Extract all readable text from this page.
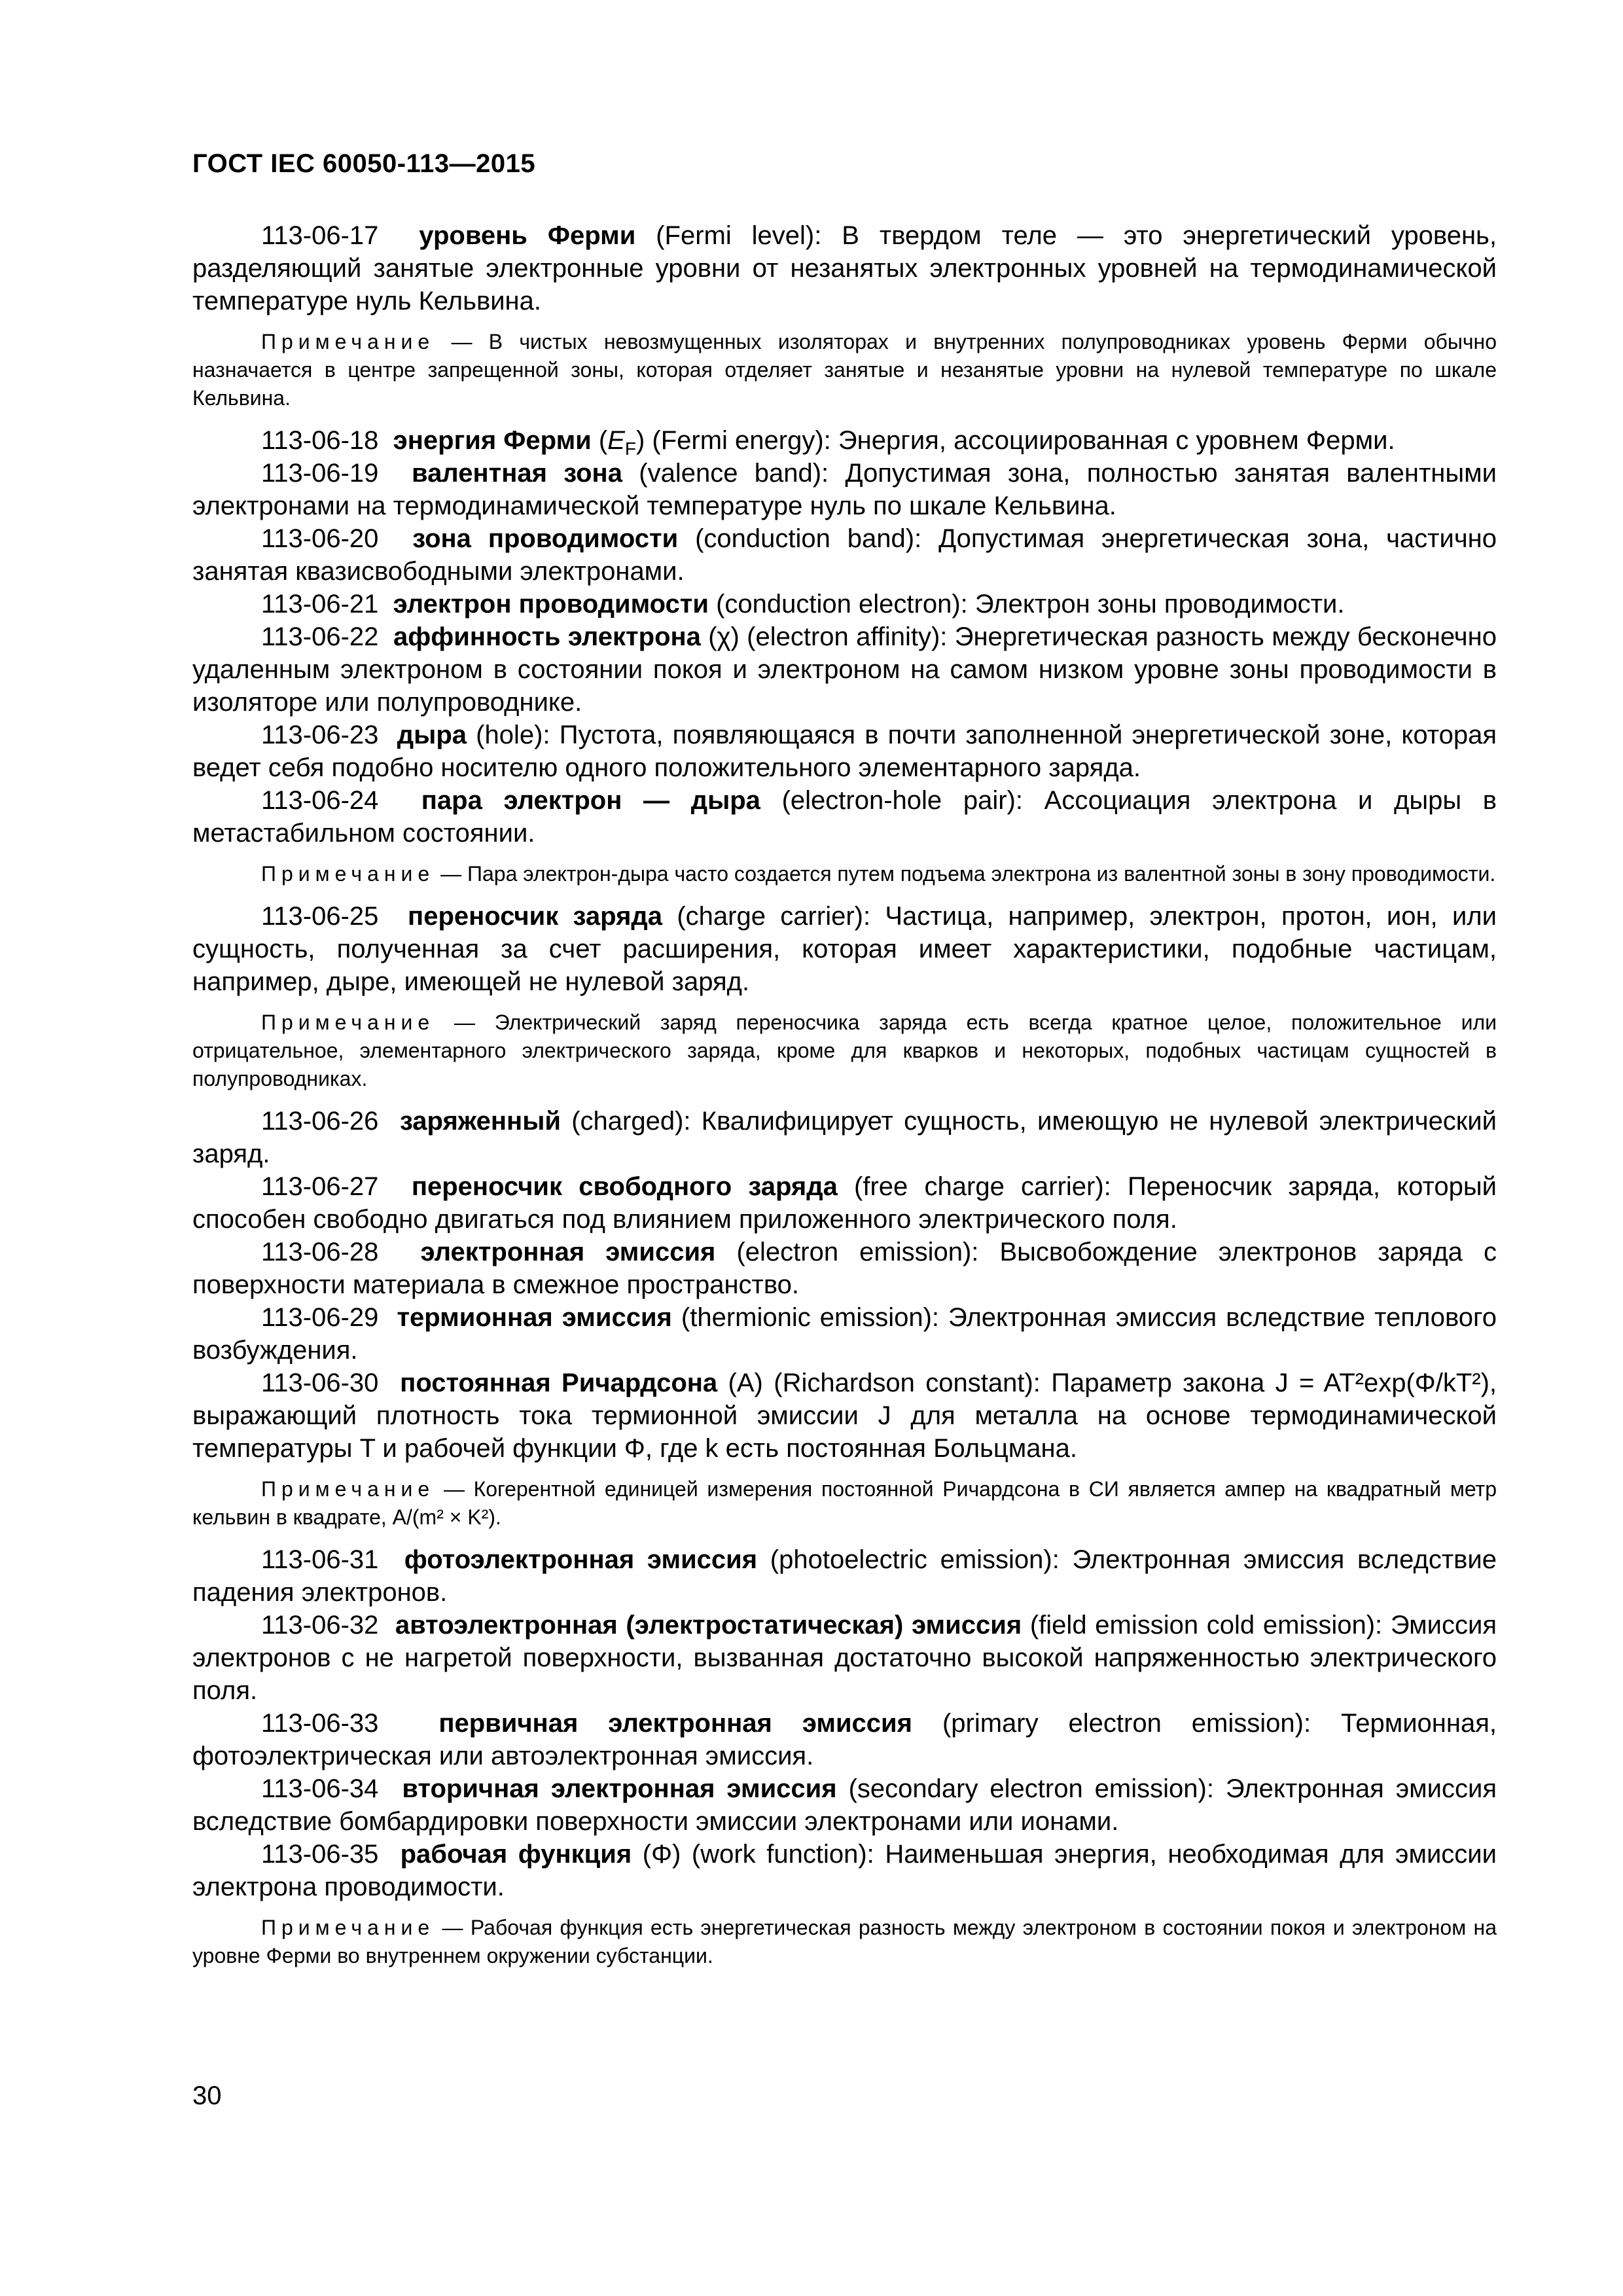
ГОСТ IEC 60050-113—2015

113-06-17 уровень Ферми (Fermi level): В твердом теле — это энергетический уровень, разделяющий занятые электронные уровни от незанятых электронных уровней на термодинамической температуре нуль Кельвина.

Примечание — В чистых невозмущенных изоляторах и внутренних полупроводниках уровень Ферми обычно назначается в центре запрещенной зоны, которая отделяет занятые и незанятые уровни на нулевой температуре по шкале Кельвина.

113-06-18 энергия Ферми $(E_F)$ (Fermi energy): Энергия, ассоциированная с уровнем Ферми.

113-06-19 валентная зона (valence band): Допустимая зона, полностью занятая валентными электронами на термодинамической температуре нуль по шкале Кельвина.

113-06-20 зона проводимости (conduction band): Допустимая энергетическая зона, частично занятая квазисвободными электронами.

113-06-21 электрон проводимости (conduction electron): Электрон зоны проводимости.

113-06-22 аффинность электрона (χ) (electron affinity): Энергетическая разность между бесконечно удаленным электроном в состоянии покоя и электроном на самом низком уровне зоны проводимости в изоляторе или полупроводнике.

113-06-23 дыра (hole): Пустота, появляющаяся в почти заполненной энергетической зоне, которая ведет себя подобно носителю одного положительного элементарного заряда.

113-06-24 пара электрон — дыра (electron-hole pair): Ассоциация электрона и дыры в метастабильном состоянии.

Примечание — Пара электрон-дыра часто создается путем подъема электрона из валентной зоны в зону проводимости.

113-06-25 переносчик заряда (charge carrier): Частица, например, электрон, протон, ион, или сущность, полученная за счет расширения, которая имеет характеристики, подобные частицам, например, дыре, имеющей не нулевой заряд.

Примечание — Электрический заряд переносчика заряда есть всегда кратное целое, положительное или отрицательное, элементарного электрического заряда, кроме для кварков и некоторых, подобных частицам сущностей в полупроводниках.

113-06-26 заряженный (charged): Квалифицирует сущность, имеющую не нулевой электрический заряд.

113-06-27 переносчик свободного заряда (free charge carrier): Переносчик заряда, который способен свободно двигаться под влиянием приложенного электрического поля.

113-06-28 электронная эмиссия (electron emission): Высвобождение электронов заряда с поверхности материала в смежное пространство.

113-06-29 термионная эмиссия (thermionic emission): Электронная эмиссия вследствие теплового возбуждения.

113-06-30 постоянная Ричардсона (A) (Richardson constant): Параметр закона J = AT²exp(Φ/kT²), выражающий плотность тока термионной эмиссии J для металла на основе термодинамической температуры T и рабочей функции Φ, где k есть постоянная Больцмана.

Примечание — Когерентной единицей измерения постоянной Ричардсона в СИ является ампер на квадратный метр кельвин в квадрате, A/(m² × K²).

113-06-31 фотоэлектронная эмиссия (photoelectric emission): Электронная эмиссия вследствие падения электронов.

113-06-32 автоэлектронная (электростатическая) эмиссия (field emission cold emission): Эмиссия электронов с не нагретой поверхности, вызванная достаточно высокой напряженностью электрического поля.

113-06-33 первичная электронная эмиссия (primary electron emission): Термионная, фотоэлектрическая или автоэлектронная эмиссия.

113-06-34 вторичная электронная эмиссия (secondary electron emission): Электронная эмиссия вследствие бомбардировки поверхности эмиссии электронами или ионами.

113-06-35 рабочая функция (Φ) (work function): Наименьшая энергия, необходимая для эмиссии электрона проводимости.

Примечание — Рабочая функция есть энергетическая разность между электроном в состоянии покоя и электроном на уровне Ферми во внутреннем окружении субстанции.

30
